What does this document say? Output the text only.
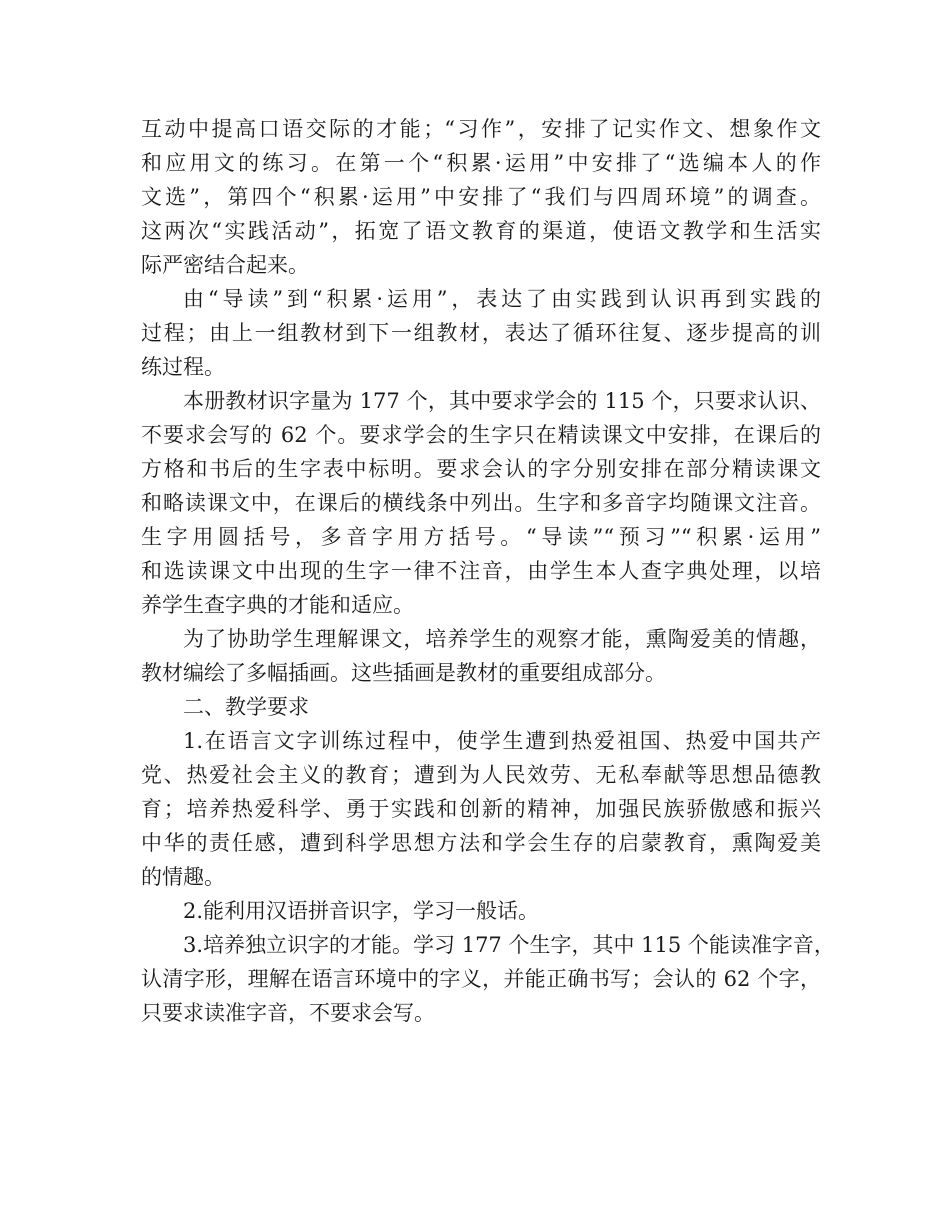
互动中提高口语交际的才能；“习作”，安排了记实作文、想象作文
和应用文的练习。在第一个“积累·运用”中安排了“选编本人的作
文选”，第四个“积累·运用”中安排了“我们与四周环境”的调查。
这两次“实践活动”，拓宽了语文教育的渠道，使语文教学和生活实
际严密结合起来。
由“导读”到“积累·运用”，表达了由实践到认识再到实践的
过程；由上一组教材到下一组教材，表达了循环往复、逐步提高的训
练过程。
本册教材识字量为 177 个，其中要求学会的 115 个，只要求认识、
不要求会写的 62 个。要求学会的生字只在精读课文中安排，在课后的
方格和书后的生字表中标明。要求会认的字分别安排在部分精读课文
和略读课文中，在课后的横线条中列出。生字和多音字均随课文注音。
生字用圆括号，多音字用方括号。“导读”“预习”“积累·运用”
和选读课文中出现的生字一律不注音，由学生本人查字典处理，以培
养学生查字典的才能和适应。
为了协助学生理解课文，培养学生的观察才能，熏陶爱美的情趣，
教材编绘了多幅插画。这些插画是教材的重要组成部分。
二、教学要求
1.在语言文字训练过程中，使学生遭到热爱祖国、热爱中国共产
党、热爱社会主义的教育；遭到为人民效劳、无私奉献等思想品德教
育；培养热爱科学、勇于实践和创新的精神，加强民族骄傲感和振兴
中华的责任感，遭到科学思想方法和学会生存的启蒙教育，熏陶爱美
的情趣。
2.能利用汉语拼音识字，学习一般话。
3.培养独立识字的才能。学习 177 个生字，其中 115 个能读准字音，
认清字形，理解在语言环境中的字义，并能正确书写；会认的 62 个字，
只要求读准字音，不要求会写。
